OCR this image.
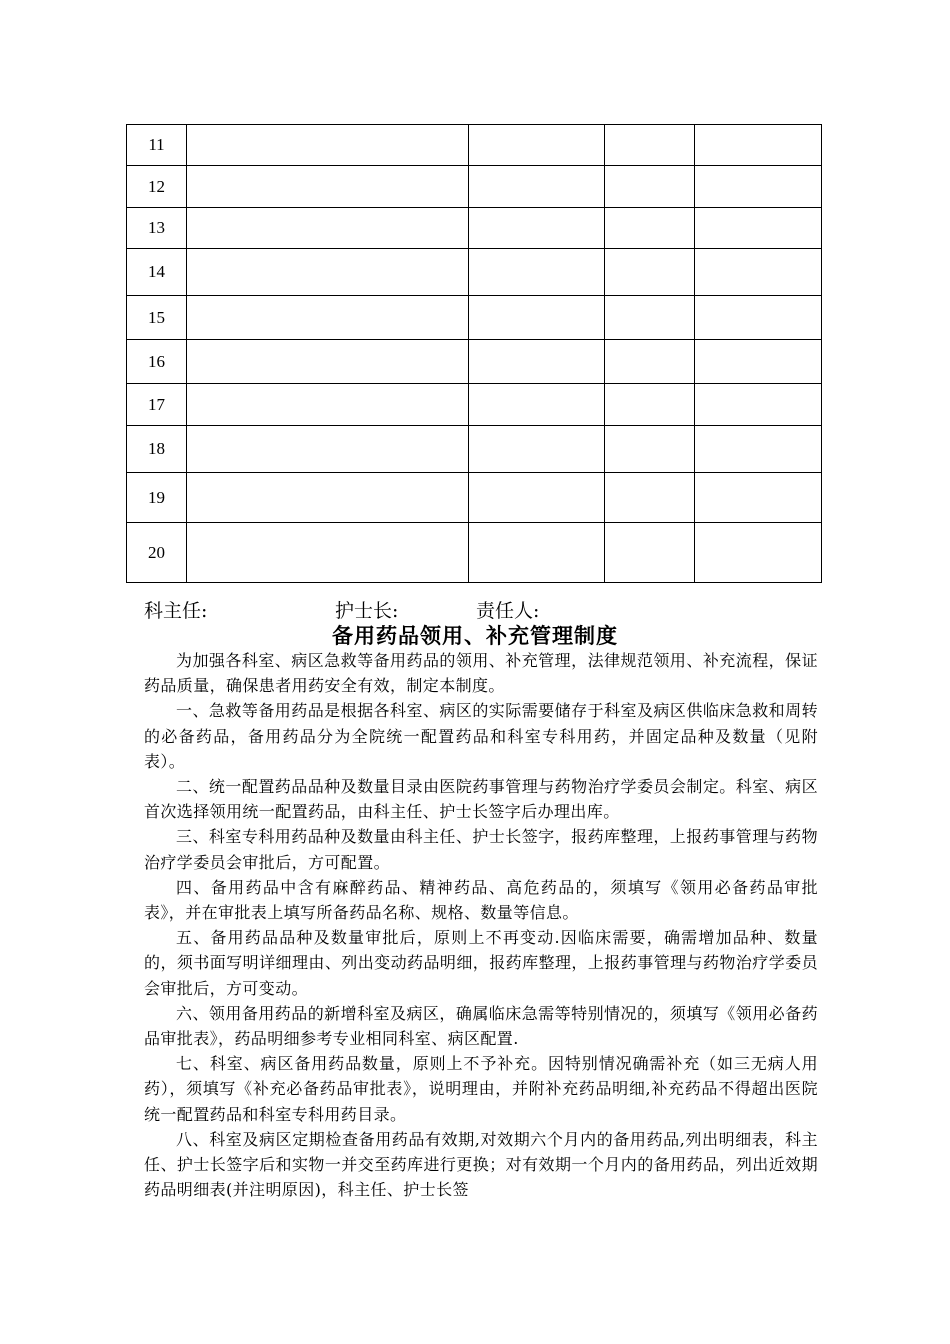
11				
12				
13				
14				
15				
16				
17				
18				
19				
20				
科主任:	护士长:	责任人:
备用药品领用、补充管理制度

为加强各科室、病区急救等备用药品的领用、补充管理，法律规范领用、补充流程，保证药品质量，确保患者用药安全有效，制定本制度。

一、急救等备用药品是根据各科室、病区的实际需要储存于科室及病区供临床急救和周转的必备药品，备用药品分为全院统一配置药品和科室专科用药，并固定品种及数量（见附表）。

二、统一配置药品品种及数量目录由医院药事管理与药物治疗学委员会制定。科室、病区首次选择领用统一配置药品，由科主任、护士长签字后办理出库。

三、科室专科用药品种及数量由科主任、护士长签字，报药库整理，上报药事管理与药物治疗学委员会审批后，方可配置。

四、备用药品中含有麻醉药品、精神药品、高危药品的，须填写《领用必备药品审批表》，并在审批表上填写所备药品名称、规格、数量等信息。

五、备用药品品种及数量审批后，原则上不再变动.因临床需要，确需增加品种、数量的，须书面写明详细理由、列出变动药品明细，报药库整理，上报药事管理与药物治疗学委员会审批后，方可变动。

六、领用备用药品的新增科室及病区，确属临床急需等特别情况的，须填写《领用必备药品审批表》，药品明细参考专业相同科室、病区配置.

七、科室、病区备用药品数量，原则上不予补充。因特别情况确需补充（如三无病人用药），须填写《补充必备药品审批表》，说明理由，并附补充药品明细,补充药品不得超出医院统一配置药品和科室专科用药目录。

八、科室及病区定期检查备用药品有效期,对效期六个月内的备用药品,列出明细表，科主任、护士长签字后和实物一并交至药库进行更换；对有效期一个月内的备用药品，列出近效期药品明细表(并注明原因)，科主任、护士长签
